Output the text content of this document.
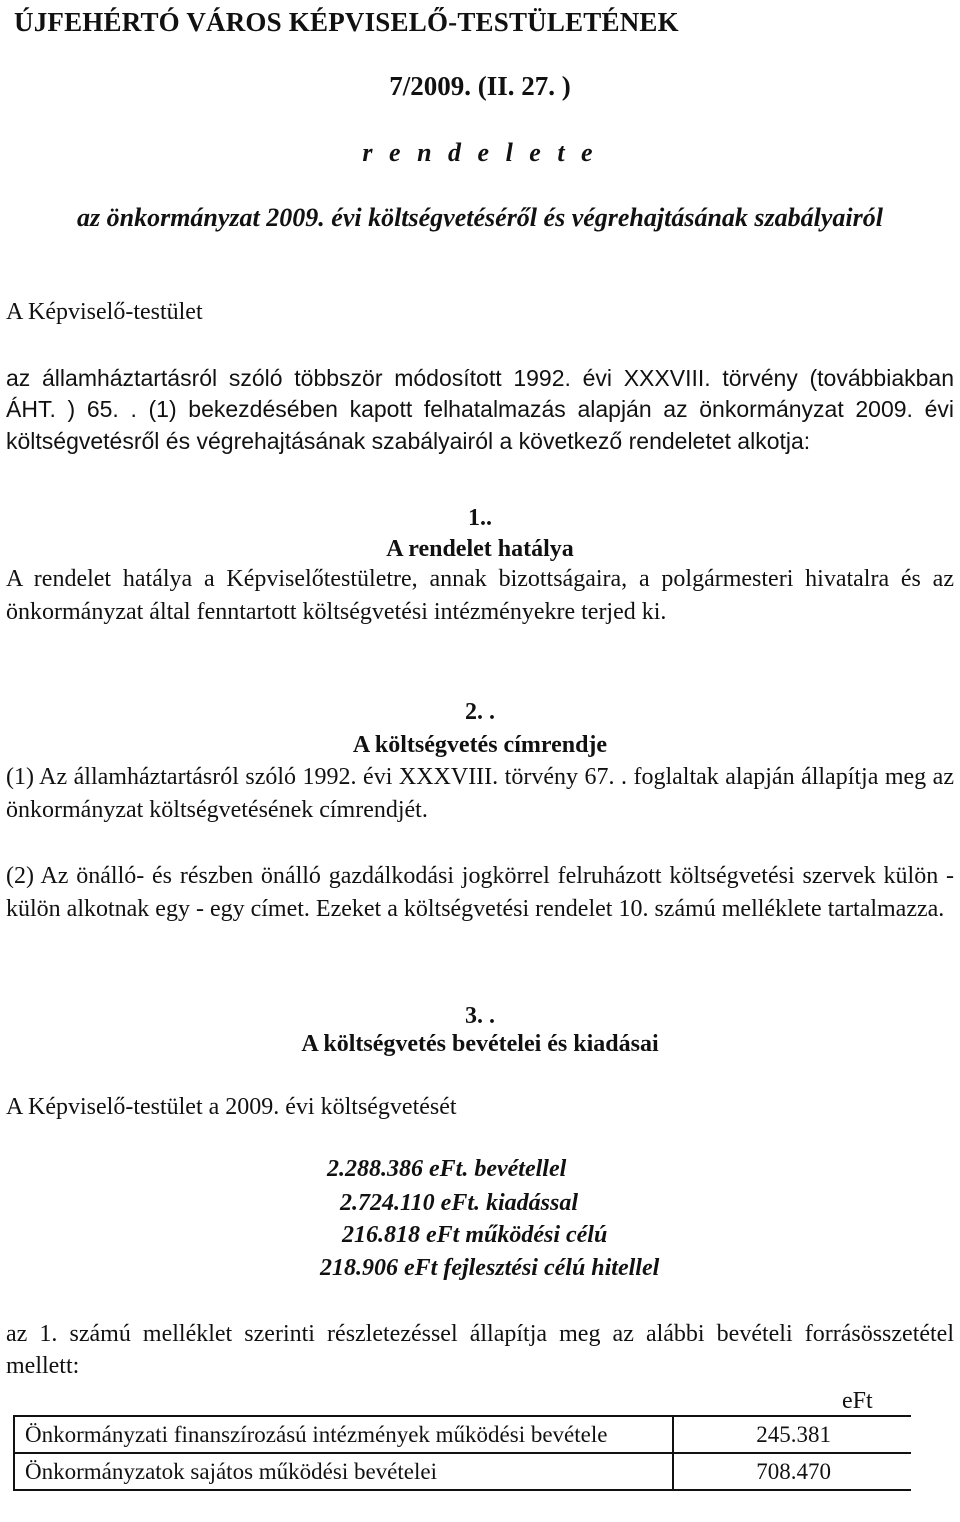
ÚJFEHÉRTÓ VÁROS KÉPVISELŐ-TESTÜLETÉNEK
7/2009. (II. 27. )
r e n d e l e t e
az önkormányzat 2009. évi költségvetéséről és végrehajtásának szabályairól
A Képviselő-testület

az államháztartásról szóló többször módosított 1992. évi XXXVIII. törvény (továbbiakban ÁHT. ) 65. . (1) bekezdésében kapott felhatalmazás alapján az önkormányzat 2009. évi költségvetésről és végrehajtásának szabályairól a következő rendeletet alkotja:

1..
A rendelet hatálya

A rendelet hatálya a Képviselőtestületre, annak bizottságaira, a polgármesteri hivatalra és az önkormányzat által fenntartott költségvetési intézményekre terjed ki.

2. .
A költségvetés címrendje

(1) Az államháztartásról szóló 1992. évi XXXVIII. törvény 67. . foglaltak alapján állapítja meg az önkormányzat költségvetésének címrendjét.

(2) Az önálló- és részben önálló gazdálkodási jogkörrel felruházott költségvetési szervek külön - külön alkotnak egy - egy címet. Ezeket a költségvetési rendelet 10. számú melléklete tartalmazza.

3. .
A költségvetés bevételei és kiadásai
A Képviselő-testület a 2009. évi költségvetését
2.288.386 eFt. bevétellel
2.724.110 eFt. kiadással
216.818 eFt működési célú
218.906 eFt fejlesztési célú hitellel

az 1. számú melléklet szerinti részletezéssel állapítja meg az alábbi bevételi forrásösszetétel mellett:

eFt
Önkormányzati finanszírozású intézmények működési bevétele	245.381
Önkormányzatok sajátos működési bevételei	708.470
